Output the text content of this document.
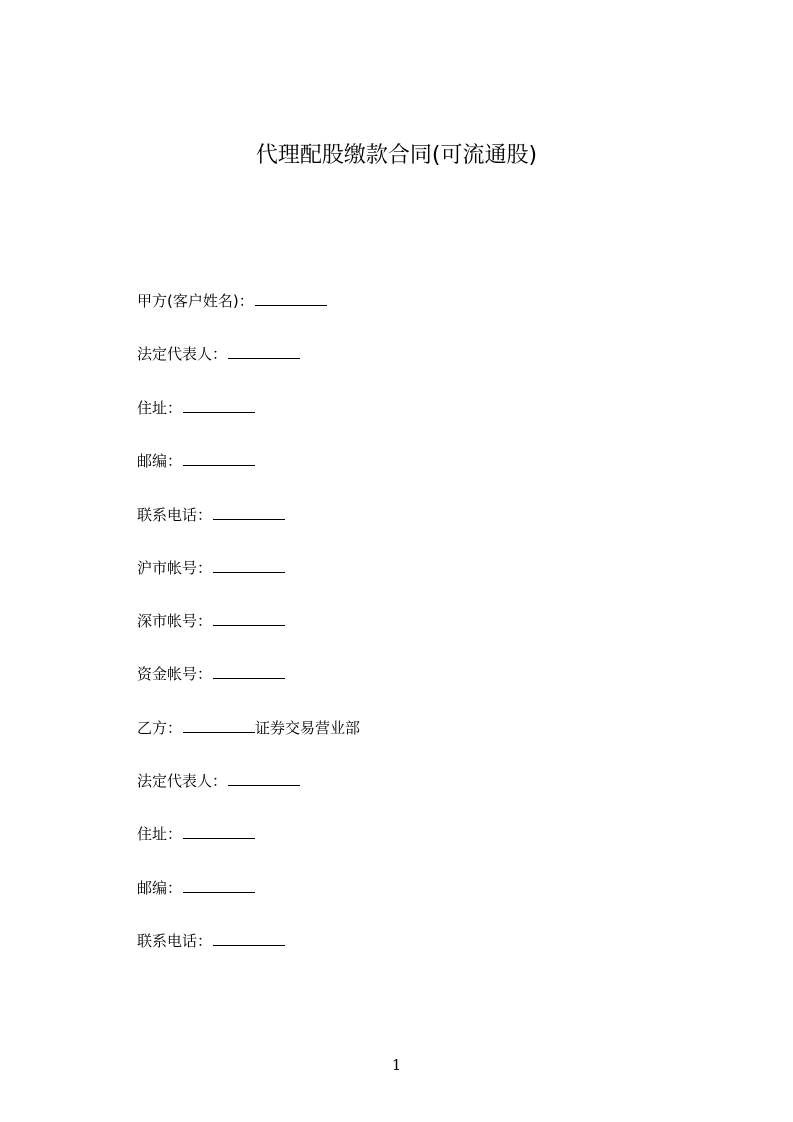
代理配股缴款合同(可流通股)
甲方(客户姓名)：
法定代表人：
住址：
邮编：
联系电话：
沪市帐号：
深市帐号：
资金帐号：
乙方：	证券交易营业部
法定代表人：
住址：
邮编：
联系电话：
1
